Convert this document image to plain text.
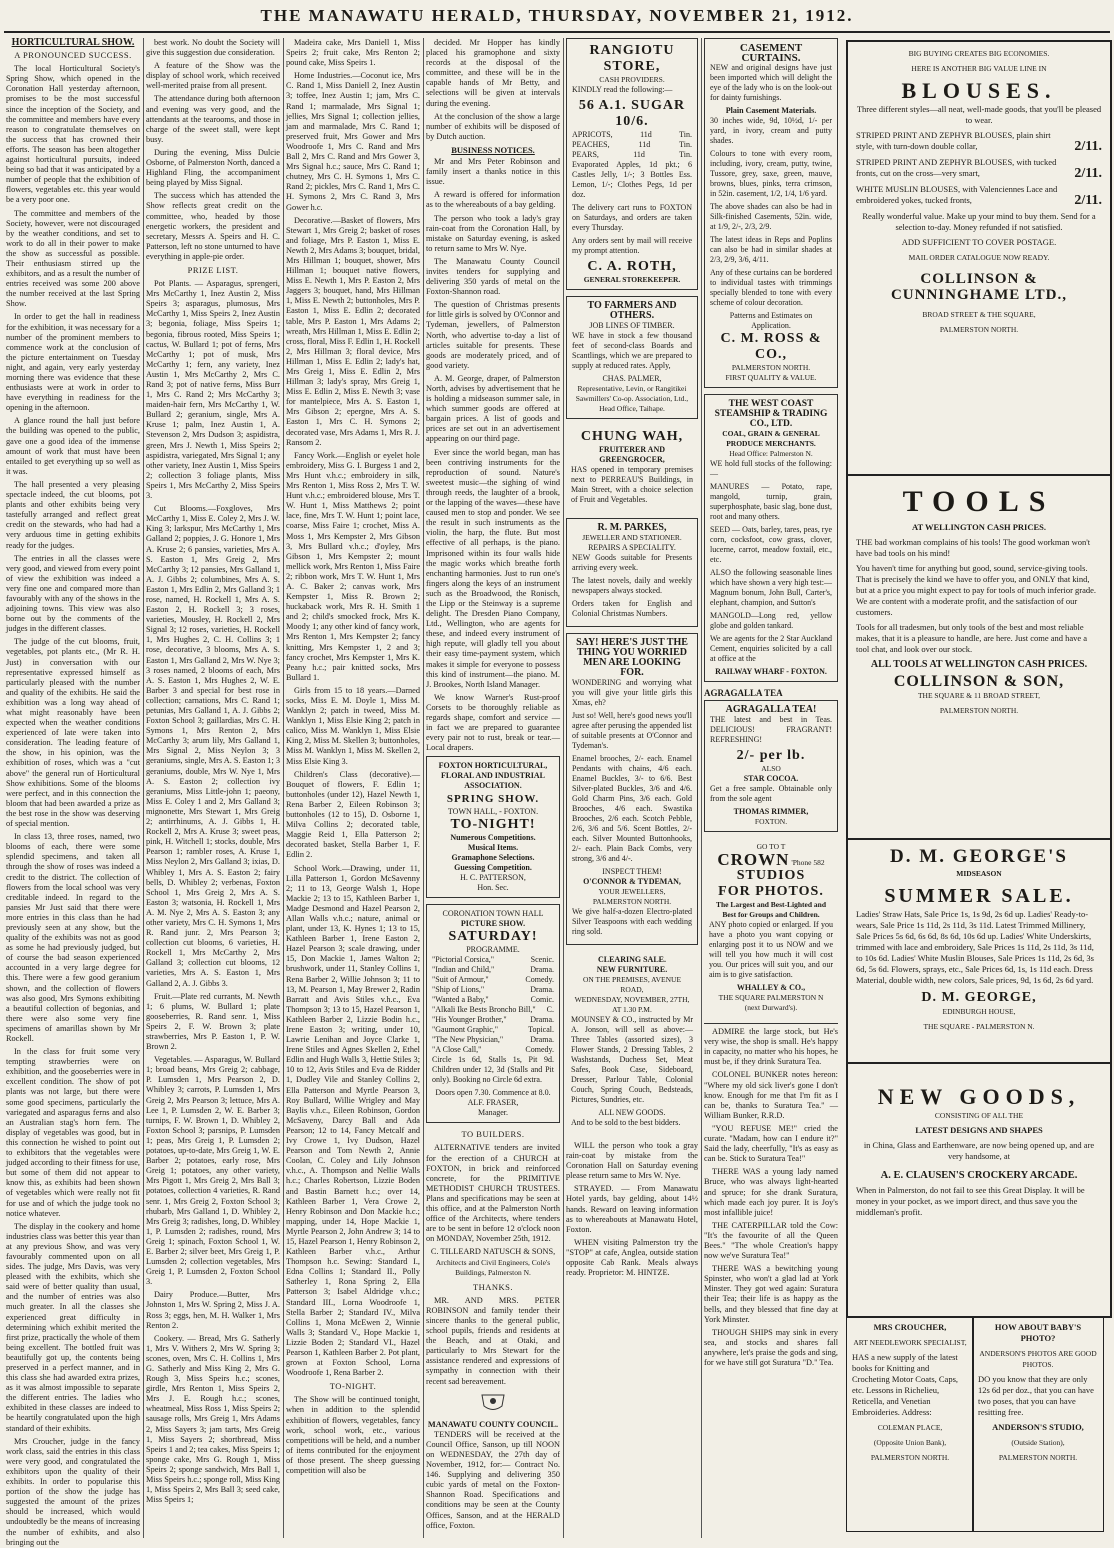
THE MANAWATU HERALD, THURSDAY, NOVEMBER 21, 1912.
HORTICULTURAL SHOW.
A PRONOUNCED SUCCESS.

The local Horticultural Society's Spring Show, which opened in the Coronation Hall yesterday afternoon, promises to be the most successful since the inception of the Society, and the committee and members have every reason to congratulate themselves on the success that has crowned their efforts. The season has been altogether against horticultural pursuits, indeed being so bad that it was anticipated by a number of people that the exhibition of flowers, vegetables etc. this year would be a very poor one.

The committee and members of the Society, however, were not discouraged by the weather conditions, and set to work to do all in their power to make the show as successful as possible. Their enthusiasm stirred up the exhibitors, and as a result the number of entries received was some 200 above the number received at the last Spring Show.

In order to get the hall in readiness for the exhibition, it was necessary for a number of the prominent members to commence work at the conclusion of the picture entertainment on Tuesday night, and again, very early yesterday morning there was evidence that these enthusiasts were at work in order to have everything in readiness for the opening in the afternoon.

A glance round the hall just before the building was opened to the public, gave one a good idea of the immense amount of work that must have been entailed to get everything up so well as it was.

The hall presented a very pleasing spectacle indeed, the cut blooms, pot plants and other exhibits being very tastefully arranged and reflect great credit on the stewards, who had had a very arduous time in getting exhibits ready for the judges.

The entries in all the classes were very good, and viewed from every point of view the exhibition was indeed a very fine one and compared more than favourably with any of the shows in the adjoining towns. This view was also borne out by the comments of the judges in the different classes.

The judge of the cut blooms, fruit, vegetables, pot plants etc., (Mr R. H. Just) in conversation with our representative expressed himself as particularly pleased with the number and quality of the exhibits. He said the exhibition was a long way ahead of what might reasonably have been expected when the weather conditions experienced of late were taken into consideration. The leading feature of the show, in his opinion, was the exhibition of roses, which was a "cut above" the general run of Horticultural Show exhibitions. Some of the blooms were perfect, and in this connection the bloom that had been awarded a prize as the best rose in the show was deserving of special mention.

In class 13, three roses, named, two blooms of each, there were some splendid specimens, and taken all through the show of roses was indeed a credit to the district. The collection of flowers from the local school was very creditable indeed. In regard to the pansies Mr Just said that there were more entries in this class than he had previously seen at any show, but the quality of the exhibits was not as good as some he had previously judged, but of course the bad season experienced accounted in a very large degree for this. There were a few good geranium shown, and the collection of flowers was also good, Mrs Symons exhibiting a beautiful collection of begonias, and there were also some very fine specimens of amarillas shown by Mr Rockell.

In the class for fruit some very tempting strawberries were on exhibition, and the gooseberries were in excellent condition. The show of pot plants was not large, but there were some good specimens, particularly the variegated and asparagus ferns and also an Australian stag's horn fern. The display of vegetables was good, but in this connection he wished to point out to exhibitors that the vegetables were judged according to their fitness for use, but some of them did not appear to know this, as exhibits had been shown of vegetables which were really not fit for use and of which the judge took no notice whatever.

The display in the cookery and home industries class was better this year than at any previous Show, and was very favourably commented upon on all sides. The judge, Mrs Davis, was very pleased with the exhibits, which she said were of better quality than usual, and the number of entries was also much greater. In all the classes she experienced great difficulty in determining which exhibit merited the first prize, practically the whole of them being excellent. The bottled fruit was beautifully got up, the contents being preserved in a perfect manner, and in this class she had awarded extra prizes, as it was almost impossible to separate the different entries. The ladies who exhibited in these classes are indeed to be heartily congratulated upon the high standard of their exhibits.

Mrs Croucher, judge in the fancy work class, said the entries in this class were very good, and congratulated the exhibitors upon the quality of their exhibits. In order to popularise this portion of the show the judge has suggested the amount of the prizes should be increased, which would undoubtedly be the means of increasing the number of exhibits, and also bringing out the

best work. No doubt the Society will give this suggestion due consideration.

A feature of the Show was the display of school work, which received well-merited praise from all present.

The attendance during both afternoon and evening was very good, and the attendants at the tearooms, and those in charge of the sweet stall, were kept busy.

During the evening, Miss Dulcie Osborne, of Palmerston North, danced a Highland Fling, the accompaniment being played by Miss Signal.

The success which has attended the Show reflects great credit on the committee, who, headed by those energetic workers, the president and secretary, Messrs A. Speirs and H. C. Patterson, left no stone unturned to have everything in apple-pie order.

PRIZE LIST.

Pot Plants. — Asparagus, sprengeri, Mrs McCarthy 1, Inez Austin 2, Miss Speirs 3; asparagus, plumosus, Mrs McCarthy 1, Miss Speirs 2, Inez Austin 3; begonia, foliage, Miss Speirs 1; begonia, fibrous rooted, Miss Speirs 1; cactus, W. Bullard 1; pot of ferns, Mrs McCarthy 1; pot of musk, Mrs McCarthy 1; fern, any variety, Inez Austin 1, Mrs McCarthy 2, Mrs C. Rand 3; pot of native ferns, Miss Burr 1, Mrs C. Rand 2; Mrs McCarthy 3; maiden-hair fern, Mrs McCarthy 1, W. Bullard 2; geranium, single, Mrs A. Kruse 1; palm, Inez Austin 1, A. Stevenson 2, Mrs Dudson 3; aspidistra, green, Mrs J. Newth 1, Miss Speirs 2; aspidistra, variegated, Mrs Signal 1; any other variety, Inez Austin 1, Miss Speirs 2; collection 3 foliage plants, Miss Speirs 1, Mrs McCarthy 2, Miss Speirs 3.

Cut Blooms.—Foxgloves, Mrs McCarthy 1, Miss E. Coley 2, Mrs J. W. King 3; larkspur, Mrs McCarthy 1, Mrs Galland 2; poppies, J. G. Honore 1, Mrs A. Kruse 2; 6 pansies, varieties, Mrs A. S. Easton 1, Mrs Greig 2, Mrs McCarthy 3; 12 pansies, Mrs Galland 1, A. J. Gibbs 2; columbines, Mrs A. S. Easton 1, Mrs Edlin 2, Mrs Galland 3; 1 rose, named, H. Rockell 1, Mrs A. S. Easton 2, H. Rockell 3; 3 roses, varieties, Mousley, H. Rockell 2, Mrs Signal 3; 12 roses, varieties, H. Rockell 1, Mrs Hughes 2, C. H. Collins 3; 1 rose, decorative, 3 blooms, Mrs A. S. Easton 1, Mrs Galland 2, Mrs W. Nye 3; 3 roses named, 2 blooms of each, Mrs A. S. Easton 1, Mrs Hughes 2, W. E. Barber 3 and special for best rose in collection; carnations, Mrs C. Rand 1; petunias, Mrs Galland 1, A. J. Gibbs 2; Foxton School 3; gaillardias, Mrs C. H. Symons 1, Mrs Renton 2, Mrs McCarthy 3; arum lily, Mrs Galland 1, Mrs Signal 2, Miss Neylon 3; 3 geraniums, single, Mrs A. S. Easton 1; 3 geraniums, double, Mrs W. Nye 1, Mrs A. S. Easton 2; collection ivy geraniums, Miss Little-john 1; paeony, Miss E. Coley 1 and 2, Mrs Galland 3; mignonette, Mrs Stewart 1, Mrs Greig 2; antirrhinums, A. J. Gibbs 1, H. Rockell 2, Mrs A. Kruse 3; sweet peas, pink, H. Witchell 1; stocks, double, Mrs Pearson 1; rambler roses, A. Kruse 1, Miss Neylon 2, Mrs Galland 3; ixias, D. Whibley 1, Mrs A. S. Easton 2; fairy bells, D. Whibley 2; verbenas, Foxton School 1, Mrs Greig 2, Mrs A. S. Easton 3; watsonia, H. Rockell 1, Mrs A. M. Nye 2, Mrs A. S. Easton 3; any other variety, Mrs C. H. Symons 1, Mrs R. Rand junr. 2, Mrs Pearson 3; collection cut blooms, 6 varieties, H. Rockell 1, Mrs McCarthy 2, Mrs Galland 3; collection cut blooms, 12 varieties, Mrs A. S. Easton 1, Mrs Galland 2, A. J. Gibbs 3.

Fruit.—Plate red currants, M. Newth 1; 6 plums, W. Bullard 1; plate gooseberries, R. Rand senr. 1, Miss Speirs 2, F. W. Brown 3; plate strawberries, Mrs P. Easton 1, P. W. Brown 2.

Vegetables. — Asparagus, W. Bullard 1; broad beans, Mrs Greig 2; cabbage, P. Lumsden 1, Mrs Pearson 2, D. Whibley 3; carrots, P. Lumsden 1, Mrs Greig 2, Mrs Pearson 3; lettuce, Mrs A. Lee 1, P. Lumsden 2, W. E. Barber 3; turnips, F. W. Brown 1, D. Whibley 2, Foxton School 3; parsnips, P. Lumsden 1; peas, Mrs Greig 1, P. Lumsden 2; potatoes, up-to-date, Mrs Greig 1, W. E. Barber 2; potatoes, early rose, Mrs Greig 1; potatoes, any other variety, Mrs Pigott 1, Mrs Greig 2, Mrs Ball 3; potatoes, collection 4 varieties, R. Rand senr. 1, Mrs Greig 2, Foxton School 3; rhubarb, Mrs Galland 1, D. Whibley 2, Mrs Greig 3; radishes, long, D. Whibley 1, P. Lumsden 2; radishes, round, Mrs Greig 1; spinach, Foxton School 1, W. E. Barber 2; silver beet, Mrs Greig 1, P. Lumsden 2; collection vegetables, Mrs Greig 1, P. Lumsden 2, Foxton School 3.

Dairy Produce.—Butter, Mrs Johnston 1, Mrs W. Spring 2, Miss J. A. Ross 3; eggs, hen, M. H. Walker 1, Mrs Renton 2.

Cookery. — Bread, Mrs G. Satherly 1, Mrs V. Withers 2, Mrs W. Spring 3; scones, oven, Mrs C. H. Collins 1, Mrs G. Satherly and Miss King 2, Mrs G. Rough 3, Miss Speirs h.c.; scones, girdle, Mrs Renton 1, Miss Speirs 2, Mrs J. E. Rough h.c.; scones, wheatmeal, Miss Ross 1, Miss Speirs 2; sausage rolls, Mrs Greig 1, Mrs Adams 2, Miss Sayers 3; jam tarts, Mrs Greig 1, Miss Sayers 2; shortbread, Miss Speirs 1 and 2; tea cakes, Miss Speirs 1; sponge cake, Mrs G. Rough 1, Miss Speirs 2; sponge sandwich, Mrs Ball 1, Miss Speirs h.c.; sponge roll, Miss King 1, Miss Speirs 2, Mrs Ball 3; seed cake, Miss Speirs 1;

Madeira cake, Mrs Daniell 1, Miss Speirs 2; fruit cake, Mrs Renton 2; pound cake, Miss Speirs 1.

Home Industries.—Coconut ice, Mrs C. Rand 1, Miss Daniell 2, Inez Austin 3; toffee, Inez Austin 1; jam, Mrs C. Rand 1; marmalade, Mrs Signal 1; jellies, Mrs Signal 1; collection jellies, jam and marmalade, Mrs C. Rand 1; preserved fruit, Mrs Gower and Mrs Woodroofe 1, Mrs C. Rand and Mrs Ball 2, Mrs C. Rand and Mrs Gower 3, Mrs Signal h.c.; sauce, Mrs C. Rand 1; chutney, Mrs C. H. Symons 1, Mrs C. Rand 2; pickles, Mrs C. Rand 1, Mrs C. H. Symons 2, Mrs C. Rand 3, Mrs Gower h.c.

Decorative.—Basket of flowers, Mrs Stewart 1, Mrs Greig 2; basket of roses and foliage, Mrs P. Easton 1, Miss E. Newth 2, Mrs Adams 3; bouquet, bridal, Mrs Hillman 1; bouquet, shower, Mrs Hillman 1; bouquet native flowers, Miss E. Newth 1, Mrs P. Easton 2, Mrs Jaggers 3; bouquet, hand, Mrs Hillman 1, Miss E. Newth 2; buttonholes, Mrs P. Easton 1, Miss E. Edlin 2; decorated table, Mrs P. Easton 1, Mrs Adams 2; wreath, Mrs Hillman 1, Miss E. Edlin 2; cross, floral, Miss F. Edlin 1, H. Rockell 2, Mrs Hillman 3; floral device, Mrs Hillman 1, Miss E. Edlin 2; lady's hat, Mrs Greig 1, Miss E. Edlin 2, Mrs Hillman 3; lady's spray, Mrs Greig 1, Miss E. Edlin 2, Miss E. Newth 3; vase for mantelpiece, Mrs A. S. Easton 1, Mrs Gibson 2; epergne, Mrs A. S. Easton 1, Mrs C. H. Symons 2; decorated vase, Mrs Adams 1, Mrs R. J. Ransom 2.

Fancy Work.—English or eyelet hole embroidery, Miss G. I. Burgess 1 and 2, Mrs Hunt v.h.c.; embroidery in silk, Mrs Renton 1, Miss Ross 2, Mrs T. W. Hunt v.h.c.; embroidered blouse, Mrs T. W. Hunt 1, Miss Matthews 2; point lace, fine, Mrs T. W. Hunt 1; point lace, coarse, Miss Faire 1; crochet, Miss A. Moss 1, Mrs Kempster 2, Mrs Gibson 3, Mrs Bullard v.h.c.; d'oyley, Mrs Gibson 1, Mrs Kempster 2; mount mellick work, Mrs Renton 1, Miss Faire 2; ribbon work, Mrs T. W. Hunt 1, Mrs A. C. Baker 2; canvas work, Mrs Kempster 1, Miss R. Brown 2; huckaback work, Mrs R. H. Smith 1 and 2; child's smocked frock, Mrs K. Moody 1; any other kind of fancy work, Mrs Renton 1, Mrs Kempster 2; fancy knitting, Mrs Kempster 1, 2 and 3; fancy crochet, Mrs Kempster 1, Mrs K. Peany h.c.; pair knitted socks, Mrs Bullard 1.

Girls from 15 to 18 years.—Darned socks, Miss E. M. Doyle 1, Miss M. Wanklyn 2; patch in tweed, Miss M. Wanklyn 1, Miss Elsie King 2; patch in calico, Miss M. Wanklyn 1, Miss Elsie King 2, Miss M. Skellen 3; buttonholes, Miss M. Wanklyn 1, Miss M. Skellen 2, Miss Elsie King 3.

Children's Class (decorative).—Bouquet of flowers, F. Edlin 1; buttonholes (under 12), Hazel Newth 1, Rena Barber 2, Eileen Robinson 3; buttonholes (12 to 15), D. Osborne 1, Milva Collins 2; decorated table, Maggie Reid 1, Ella Patterson 2; decorated basket, Stella Barber 1, F. Edlin 2.

School Work.—Drawing, under 11, Lilla Patterson 1, Gordon McSavenny 2; 11 to 13, George Walsh 1, Hope Mackie 2; 13 to 15, Kathleen Barber 1, Madge Desmond and Hazel Pearson 2, Allan Walls v.h.c.; nature, animal or plant, under 13, K. Hynes 1; 13 to 15, Kathleen Barber 1, Irene Easton 2, Hazel Pearson 3; scale drawing, under 15, Don Mackie 1, James Walton 2; brushwork, under 11, Stanley Collins 1, Rena Barber 2, Willie Johnson 3; 11 to 13, M. Pearson 1, May Brewer 2, Radin Barratt and Avis Stiles v.h.c., Eva Thompson 3; 13 to 15, Hazel Pearson 1, Kathleen Barber 2, Lizzie Bodin h.c., Irene Easton 3; writing, under 10, Lawrie Lenihan and Joyce Clarke 1, Irene Stiles and Agnes Skellen 2, Ethel Edlin and Hugh Walls 3, Hettie Stiles 3; 10 to 12, Avis Stiles and Eva de Ridder 1, Dudley Vile and Stanley Collins 2, Ella Patterson and Myrtle Pearson 3, Roy Bullard, Willie Wrigley and May Baylis v.h.c., Eileen Robinson, Gordon McSaveny, Darcy Ball and Ada Pearson; 12 to 14, Fancy Metcalf and Ivy Crowe 1, Ivy Dudson, Hazel Pearson and Tom Newth 2, Annie Coolan, C. Coley and Lily Johnson v.h.c., A. Thompson and Nellie Walls h.c.; Charles Robertson, Lizzie Boden and Bastin Barnett h.c.; over 14, Kathleen Barber 1, Vera Crowe 2, Henry Robinson and Don Mackie h.c.; mapping, under 14, Hope Mackie 1, Myrtle Pearson 2, John Andrew 3; 14 to 15, Hazel Pearson 1, Henry Robinson 2, Kathleen Barber v.h.c., Arthur Thompson h.c. Sewing: Standard I., Edna Collins 1; Standard II., Polly Satherley 1, Rona Spring 2, Ella Patterson 3; Isabel Aldridge v.h.c.; Standard III., Lorna Woodroofe 1, Stella Barber 2; Standard IV., Milva Collins 1, Mona McEwen 2, Winnie Walls 3; Standard V., Hope Mackie 1, Lizzie Boden 2; Standard VI., Hazel Pearson 1, Kathleen Barber 2. Pot plant, grown at Foxton School, Lorna Woodroofe 1, Rena Barber 2.

TO-NIGHT.

The Show will be continued tonight, when in addition to the splendid exhibition of flowers, vegetables, fancy work, school work, etc., various competitions will be held, and a number of items contributed for the enjoyment of those present. The sheep guessing competition will also be

decided. Mr Hopper has kindly placed his gramophone and sixty records at the disposal of the committee, and these will be in the capable hands of Mr Betty, and selections will be given at intervals during the evening.

At the conclusion of the show a large number of exhibits will be disposed of by Dutch auction.

BUSINESS NOTICES.

Mr and Mrs Peter Robinson and family insert a thanks notice in this issue.

A reward is offered for information as to the whereabouts of a bay gelding.

The person who took a lady's gray rain-coat from the Coronation Hall, by mistake on Saturday evening, is asked to return same to Mrs W. Nye.

The Manawatu County Council invites tenders for supplying and delivering 350 yards of metal on the Foxton-Shannon road.

The question of Christmas presents for little girls is solved by O'Connor and Tydeman, jewellers, of Palmerston North, who advertise to-day a list of articles suitable for presents. These goods are moderately priced, and of good variety.

A. M. George, draper, of Palmerston North, advises by advertisement that he is holding a midseason summer sale, in which summer goods are offered at bargain prices. A list of goods and prices are set out in an advertisement appearing on our third page.

Ever since the world began, man has been contriving instruments for the reproduction of sound. Nature's sweetest music—the sighing of wind through reeds, the laughter of a brook, or the lapping of the waves—these have caused men to stop and ponder. We see the result in such instruments as the violin, the harp, the flute. But most effective of all perhaps, is the piano. Imprisoned within its four walls hide the magic works which breathe forth enchanting harmonies. Just to run one's fingers along the keys of an instrument such as the Broadwood, the Ronisch, the Lipp or the Steinway is a supreme delight. The Dresden Piano Company, Ltd., Wellington, who are agents for these, and indeed every instrument of high repute, will gladly tell you about their easy time-payment system, which makes it simple for everyone to possess this kind of instrument—the piano. M. J. Brookes, North Island Manager.

We know Warner's Rust-proof Corsets to be thoroughly reliable as regards shape, comfort and service — in fact we are prepared to guarantee every pair not to rust, break or tear.—Local drapers.

FOXTON HORTICULTURAL, FLORAL AND INDUSTRIAL ASSOCIATION.
SPRING SHOW.
TOWN HALL, - FOXTON.
TO-NIGHT!
Numerous Competitions.
Musical Items.
Gramaphone Selections.
Guessing Competition.
H. C. PATTERSON,
Hon. Sec.
CORONATION TOWN HALL
PICTURE SHOW.
SATURDAY!
PROGRAMME.
"Pictorial Corsica,"	Scenic.
"Indian and Child,"	Drama.
"Suit of Armour,"	Comedy.
"Ship of Lions,"	Drama.
"Wanted a Baby,"	Comic.
"Alkali Ike Bests Broncho Bill," C.
"His Younger Brother,"	Drama.
"Gaumont Graphic,"	Topical.
"The New Physician,"	Drama.
"A Close Call,"	Comedy.

Circle 1s 6d, Stalls 1s, Pit 9d. Children under 12, 3d (Stalls and Pit only). Booking no Circle 6d extra.

Doors open 7.30. Commence at 8.0.
ALF. FRASER,
Manager.
TO BUILDERS.

ALTERNATIVE tenders are invited for the erection of a CHURCH at FOXTON, in brick and reinforced concrete, for the PRIMITIVE METHODIST CHURCH TRUSTEES. Plans and specifications may be seen at this office, and at the Palmerston North office of the Architects, where tenders are to be sent in before 12 o'clock noon on MONDAY, November 25th, 1912.

C. TILLEARD NATUSCH & SONS,
Architects and Civil Engineers, Cole's Buildings, Palmerston N.
THANKS.

MR. AND MRS. PETER ROBINSON and family tender their sincere thanks to the general public, school pupils, friends and residents at the Beach, and at Otaki, and particularly to Mrs Stewart for the assistance rendered and expressions of sympathy in connection with their recent sad bereavement.

MANAWATU COUNTY COUNCIL.

TENDERS will be received at the Council Office, Sanson, up till NOON on WEDNESDAY, the 27th day of November, 1912, for:— Contract No. 146. Supplying and delivering 350 cubic yards of metal on the Foxton-Shannon Road. Specifications and conditions may be seen at the County Offices, Sanson, and at the HERALD office, Foxton.

RANGIOTU STORE,
CASH PROVIDERS.

KINDLY read the following:—

56 A.1. SUGAR 10/6.
APRICOTS,	11d	Tin.
PEACHES,	11d	Tin.
PEARS,	11d	Tin.

Evaporated Apples, 1d pkt.; 6 Castles Jelly, 1/-; 3 Bottles Ess. Lemon, 1/-; Clothes Pegs, 1d per doz.

The delivery cart runs to FOXTON on Saturdays, and orders are taken every Thursday.

Any orders sent by mail will receive my prompt attention.

C. A. ROTH,
GENERAL STOREKEEPER.
TO FARMERS AND OTHERS.
JOB LINES OF TIMBER.

WE have in stock a few thousand feet of second-class Boards and Scantlings, which we are prepared to supply at reduced rates. Apply,

CHAS. PALMER,
Representative, Levin, or Rangitikei Sawmillers' Co-op. Association, Ltd., Head Office, Taihape.
CHUNG WAH,
FRUITERER AND GREENGROCER,

HAS opened in temporary premises next to PERREAU'S Buildings, in Main Street, with a choice selection of Fruit and Vegetables.

R. M. PARKES,
JEWELLER AND STATIONER.
REPAIRS A SPECIALITY.

NEW Goods suitable for Presents arriving every week.

The latest novels, daily and weekly newspapers always stocked.

Orders taken for English and Colonial Christmas Numbers.

SAY! HERE'S JUST THE THING YOU WORRIED MEN ARE LOOKING FOR.

WONDERING and worrying what you will give your little girls this Xmas, eh?

Just so! Well, here's good news you'll agree after perusing the appended list of suitable presents at O'Connor and Tydeman's.

Enamel brooches, 2/- each. Enamel Pendants with chains, 4/6 each. Enamel Buckles, 3/- to 6/6. Best Silver-plated Buckles, 3/6 and 4/6. Gold Charm Pins, 3/6 each. Gold Brooches, 4/6 each. Swastika Brooches, 2/6 each. Scotch Pebble, 2/6, 3/6 and 5/6. Scent Bottles, 2/- each. Silver Mounted Buttonhooks, 2/- each. Plain Back Combs, very strong, 3/6 and 4/-.

INSPECT THEM!
O'CONNOR & TYDEMAN,
YOUR JEWELLERS,
PALMERSTON NORTH.

We give half-a-dozen Electro-plated Silver Teaspoons with each wedding ring sold.

CLEARING SALE.
NEW FURNITURE.
ON THE PREMISES, AVENUE ROAD,
WEDNESDAY, NOVEMBER, 27TH, AT 1.30 P.M.

MOUNSEY & CO., instructed by Mr A. Jonson, will sell as above:— Three Tables (assorted sizes), 3 Flower Stands, 2 Dressing Tables, 2 Washstands, Duchess Set, Meat Safes, Book Case, Sideboard, Dresser, Parlour Table, Colonial Couch, Spring Couch, Bedsteads, Pictures, Sundries, etc.

ALL NEW GOODS.

And to be sold to the best bidders.

WILL the person who took a gray rain-coat by mistake from the Coronation Hall on Saturday evening please return same to Mrs W. Nye.

STRAYED. — From Manawatu Hotel yards, bay gelding, about 14½ hands. Reward on leaving information as to whereabouts at Manawatu Hotel, Foxton.

WHEN visiting Palmerston try the "STOP" at cafe, Anglea, outside station opposite Cab Rank. Meals always ready. Proprietor: M. HINTZE.

CASEMENT CURTAINS.

NEW and original designs have just been imported which will delight the eye of the lady who is on the look-out for dainty furnishings.

Plain Casement Materials.

30 inches wide, 9d, 10½d, 1/- per yard, in ivory, cream and putty shades.

Colours to tone with every room, including, ivory, cream, putty, twine, Tussore, grey, saxe, green, mauve, browns, blues, pinks, terra crimson, in 52in. casement, 1/2, 1/4, 1/6 yard.

The above shades can also be had in Silk-finished Casements, 52in. wide, at 1/9, 2/-, 2/3, 2/9.

The latest ideas in Reps and Poplins can also be had in similar shades at 2/3, 2/9, 3/6, 4/11.

Any of these curtains can be bordered to individual tastes with trimmings specially blended to tone with every scheme of colour decoration.

Patterns and Estimates on Application.
C. M. ROSS & CO.,
PALMERSTON NORTH.
FIRST QUALITY & VALUE.
THE WEST COAST STEAMSHIP & TRADING CO., LTD.
COAL, GRAIN & GENERAL PRODUCE MERCHANTS.
Head Office: Palmerston N.

WE hold full stocks of the following:—

MANURES — Potato, rape, mangold, turnip, grain, superphosphate, basic slag, bone dust, root and many others.

SEED — Oats, barley, tares, peas, rye corn, cocksfoot, cow grass, clover, lucerne, carrot, meadow foxtail, etc., etc.

ALSO the following seasonable lines which have shown a very high test:— Magnum bonum, John Bull, Carter's, elephant, champion, and Sutton's

MANGOLD—Long red, yellow globe and golden tankard.

We are agents for the 2 Star Auckland Cement, enquiries solicited by a call at office at the

RAILWAY WHARF - FOXTON.
AGRAGALLA TEA
AGRAGALLA TEA!

THE latest and best in Teas. DELICIOUS! FRAGRANT! REFRESHING!

2/- per lb.
ALSO
STAR COCOA.

Get a free sample. Obtainable only from the sole agent

THOMAS RIMMER,
FOXTON.
GO TO T
CROWN 'Phone 582
STUDIOS
FOR PHOTOS.
The Largest and Best-Lighted and Best for Groups and Children.

ANY photo copied or enlarged. If you have a photo you want copying or enlarging post it to us NOW and we will tell you how much it will cost you. Our prices will suit you, and our aim is to give satisfaction.

WHALLEY & CO.,
THE SQUARE PALMERSTON N
(next Durward's).

ADMIRE the large stock, but He's very wise, the shop is small. He's happy in capacity, no matter who his hopes, he must be, if they drink Suratura Tea.

COLONEL BUNKER notes hereon: "Where my old sick liver's gone I don't know. Enough for me that I'm fit as I can be, thanks to Suratura Tea." — William Bunker, R.R.D.

"YOU REFUSE ME!" cried the curate. "Madam, how can I endure it?" Said the lady, cheerfully, "It's as easy as can be. Stick to Suratura Tea!"

THERE WAS a young lady named Bruce, who was always light-hearted and spruce; for she drank Suratura, which made each joy purer. It is Joy's most infallible juice!

THE CATERPILLAR told the Cow: "It's the favourite of all the Queen Bees." "The whole Creation's happy now we've Suratura Tea!"

THERE WAS a bewitching young Spinster, who won't a glad lad at York Minster. They got wed again: Suratura their Tea; their life is as happy as the bells, and they blessed that fine day at York Minster.

THOUGH SHIPS may sink in every sea, and stocks and shares fall anywhere, let's praise the gods and sing, for we have still got Suratura "D." Tea.

BIG BUYING CREATES BIG ECONOMIES.

HERE IS ANOTHER BIG VALUE LINE IN

BLOUSES.

Three different styles—all neat, well-made goods, that you'll be pleased to wear.

STRIPED PRINT AND ZEPHYR BLOUSES, plain shirt style, with turn-down double collar,	2/11.
STRIPED PRINT AND ZEPHYR BLOUSES, with tucked fronts, cut on the cross—very smart,	2/11.
WHITE MUSLIN BLOUSES, with Valenciennes Lace and embroidered yokes, tucked fronts,	2/11.

Really wonderful value. Make up your mind to buy them. Send for a selection to-day. Money refunded if not satisfied.

ADD SUFFICIENT TO COVER POSTAGE.

MAIL ORDER CATALOGUE NOW READY.

COLLINSON & CUNNINGHAME LTD.,

BROAD STREET & THE SQUARE,

PALMERSTON NORTH.

TOOLS

AT WELLINGTON CASH PRICES.

THE bad workman complains of his tools! The good workman won't have bad tools on his mind!

You haven't time for anything but good, sound, service-giving tools. That is precisely the kind we have to offer you, and ONLY that kind, but at a price you might expect to pay for tools of much inferior grade. We are content with a moderate profit, and the satisfaction of our customers.

Tools for all tradesmen, but only tools of the best and most reliable makes, that it is a pleasure to handle, are here. Just come and have a tool chat, and look over our stock.

ALL TOOLS AT WELLINGTON CASH PRICES.

COLLINSON & SON,

THE SQUARE & 11 BROAD STREET,

PALMERSTON NORTH.

D. M. GEORGE'S

MIDSEASON

SUMMER SALE.

Ladies' Straw Hats, Sale Price 1s, 1s 9d, 2s 6d up. Ladies' Ready-to-wears, Sale Price 1s 11d, 2s 11d, 3s 11d. Latest Trimmed Millinery, Sale Prices 5s 6d, 6s 6d, 8s 6d, 10s 6d up. Ladies' White Underskirts, trimmed with lace and embroidery, Sale Prices 1s 11d, 2s 11d, 3s 11d, to 10s 6d. Ladies' White Muslin Blouses, Sale Prices 1s 11d, 2s 6d, 3s 6d, 5s 6d. Flowers, sprays, etc., Sale Prices 6d, 1s, 1s 11d each. Dress Material, double width, new colors, Sale prices, 9d, 1s 6d, 2s 6d yard.

D. M. GEORGE,

EDINBURGH HOUSE,

THE SQUARE - PALMERSTON N.

NEW GOODS,

CONSISTING OF ALL THE

LATEST DESIGNS AND SHAPES

in China, Glass and Earthenware, are now being opened up, and are very handsome, at

A. E. CLAUSEN'S CROCKERY ARCADE.

When in Palmerston, do not fail to see this Great Display. It will be money in your pocket, as we import direct, and thus save you the middleman's profit.

MRS CROUCHER,

ART NEEDLEWORK SPECIALIST,

HAS a new supply of the latest books for Knitting and Crocheting Motor Coats, Caps, etc. Lessons in Richelieu, Reticella, and Venetian Embroideries. Address:

COLEMAN PLACE,

(Opposite Union Bank),

PALMERSTON NORTH.

HOW ABOUT BABY'S PHOTO?

ANDERSON'S PHOTOS ARE GOOD PHOTOS.

DO you know that they are only 12s 6d per doz., that you can have two poses, that you can have resitting free.

ANDERSON'S STUDIO,

(Outside Station),

PALMERSTON NORTH.
